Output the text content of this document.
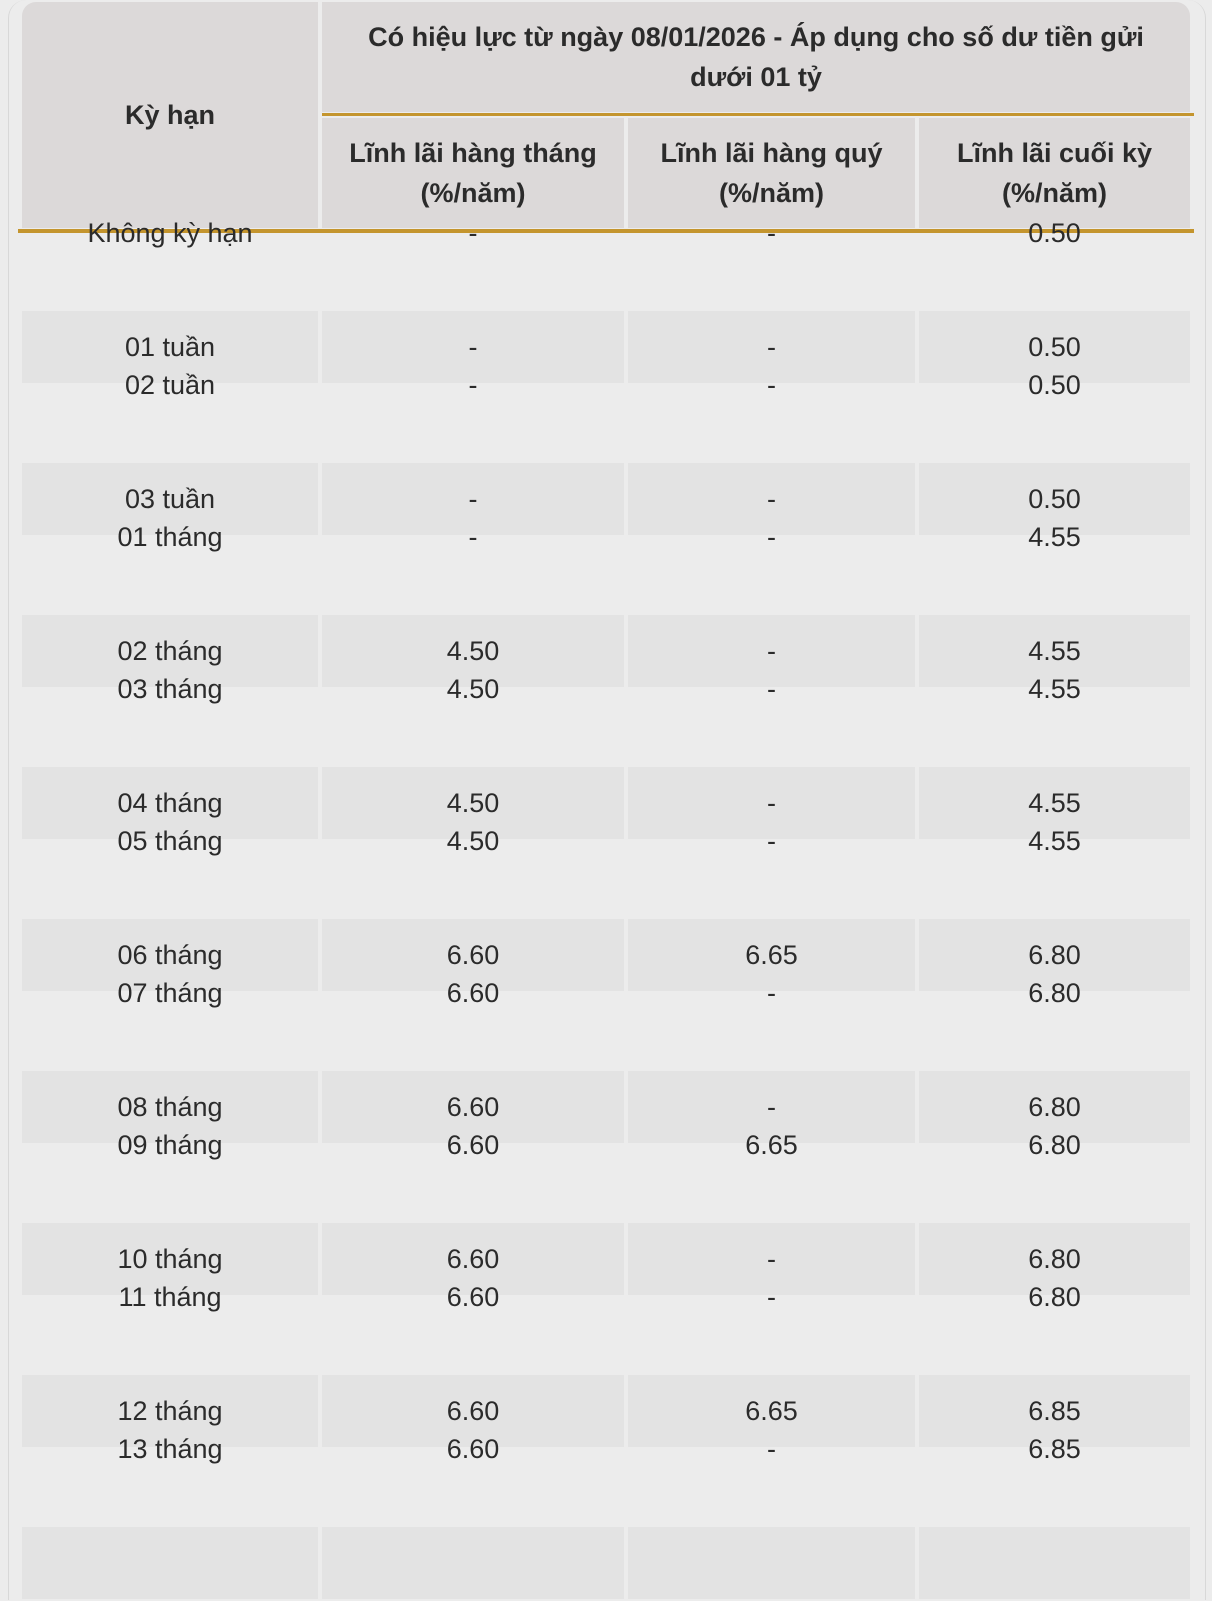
Kỳ hạn
Có hiệu lực từ ngày 08/01/2026 - Áp dụng cho số dư tiền gửi dưới 01 tỷ
Lĩnh lãi hàng tháng (%/năm)
Lĩnh lãi hàng quý (%/năm)
Lĩnh lãi cuối kỳ (%/năm)
Không kỳ hạn	-	-	0.50
01 tuần	-	-	0.50
02 tuần	-	-	0.50
03 tuần	-	-	0.50
01 tháng	-	-	4.55
02 tháng	4.50	-	4.55
03 tháng	4.50	-	4.55
04 tháng	4.50	-	4.55
05 tháng	4.50	-	4.55
06 tháng	6.60	6.65	6.80
07 tháng	6.60	-	6.80
08 tháng	6.60	-	6.80
09 tháng	6.60	6.65	6.80
10 tháng	6.60	-	6.80
11 tháng	6.60	-	6.80
12 tháng	6.60	6.65	6.85
13 tháng	6.60	-	6.85
